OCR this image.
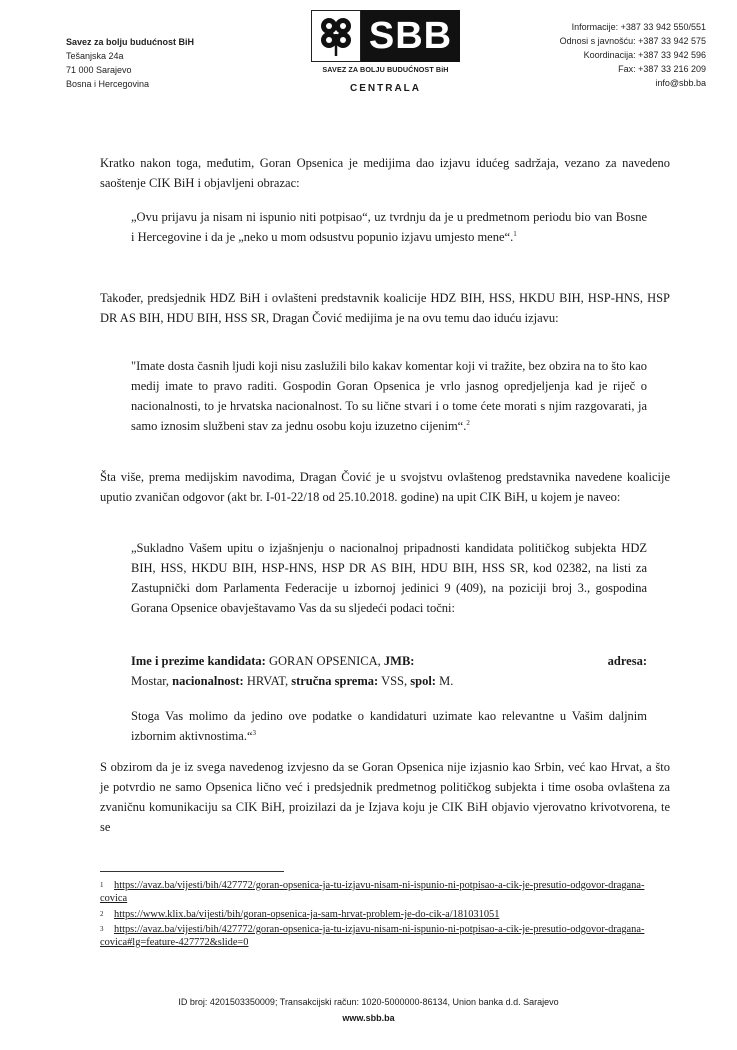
Savez za bolju budućnost BiH
Tešanjska 24a
71 000 Sarajevo
Bosna i Hercegovina
SBB
SAVEZ ZA BOLJU BUDUĆNOST BiH
CENTRALA
Informacije: +387 33 942 550/551
Odnosi s javnošću: +387 33 942 575
Koordinacija: +387 33 942 596
Fax: +387 33 216 209
info@sbb.ba
Kratko nakon toga, međutim, Goran Opsenica je medijima dao izjavu idućeg sadržaja, vezano za navedeno saoštenje CIK BiH i objavljeni obrazac:
„Ovu prijavu ja nisam ni ispunio niti potpisao“, uz tvrdnju da je u predmetnom periodu bio van Bosne i Hercegovine i da je „neko u mom odsustvu popunio izjavu umjesto mene“.$^1$
Također, predsjednik HDZ BiH i ovlašteni predstavnik koalicije HDZ BIH, HSS, HKDU BIH, HSP-HNS, HSP DR AS BIH, HDU BIH, HSS SR, Dragan Čović medijima je na ovu temu dao iduću izjavu:
"Imate dosta časnih ljudi koji nisu zaslužili bilo kakav komentar koji vi tražite, bez obzira na to što kao medij imate to pravo raditi. Gospodin Goran Opsenica je vrlo jasnog opredjeljenja kad je riječ o nacionalnosti, to je hrvatska nacionalnost. To su lične stvari i o tome ćete morati s njim razgovarati, ja samo iznosim službeni stav za jednu osobu koju izuzetno cijenim“.$^2$
Šta više, prema medijskim navodima, Dragan Čović je u svojstvu ovlaštenog predstavnika navedene koalicije uputio zvaničan odgovor (akt br. I-01-22/18 od 25.10.2018. godine) na upit CIK BiH, u kojem je naveo:
„Sukladno Vašem upitu o izjašnjenju o nacionalnoj pripadnosti kandidata političkog subjekta HDZ BIH, HSS, HKDU BIH, HSP-HNS, HSP DR AS BIH, HDU BIH, HSS SR, kod 02382, na listi za Zastupnički dom Parlamenta Federacije u izbornoj jedinici 9 (409), na poziciji broj 3., gospodina Gorana Opsenice obavještavamo Vas da su sljedeći podaci točni:
Ime i prezime kandidata:
GORAN OPSENICA,
JMB:	adresa:
Mostar, nacionalnost: HRVAT, stručna sprema: VSS, spol: M.
Stoga Vas molimo da jedino ove podatke o kandidaturi uzimate kao relevantne u Vašim daljnim izbornim aktivnostima.“$^3$
S obzirom da je iz svega navedenog izvjesno da se Goran Opsenica nije izjasnio kao Srbin, već kao Hrvat, a što je potvrdio ne samo Opsenica lično već i predsjednik predmetnog političkog subjekta i time osoba ovlaštena za zvaničnu komunikaciju sa CIK BiH, proizilazi da je Izjava koju je CIK BiH objavio vjerovatno krivotvorena, te se
1 https://avaz.ba/vijesti/bih/427772/goran-opsenica-ja-tu-izjavu-nisam-ni-ispunio-ni-potpisao-a-cik-je-presutio-odgovor-dragana-covica
2 https://www.klix.ba/vijesti/bih/goran-opsenica-ja-sam-hrvat-problem-je-do-cik-a/181031051
3 https://avaz.ba/vijesti/bih/427772/goran-opsenica-ja-tu-izjavu-nisam-ni-ispunio-ni-potpisao-a-cik-je-presutio-odgovor-dragana-covica#lg=feature-427772&slide=0
ID broj: 4201503350009; Transakcijski račun: 1020-5000000-86134, Union banka d.d. Sarajevo
www.sbb.ba
